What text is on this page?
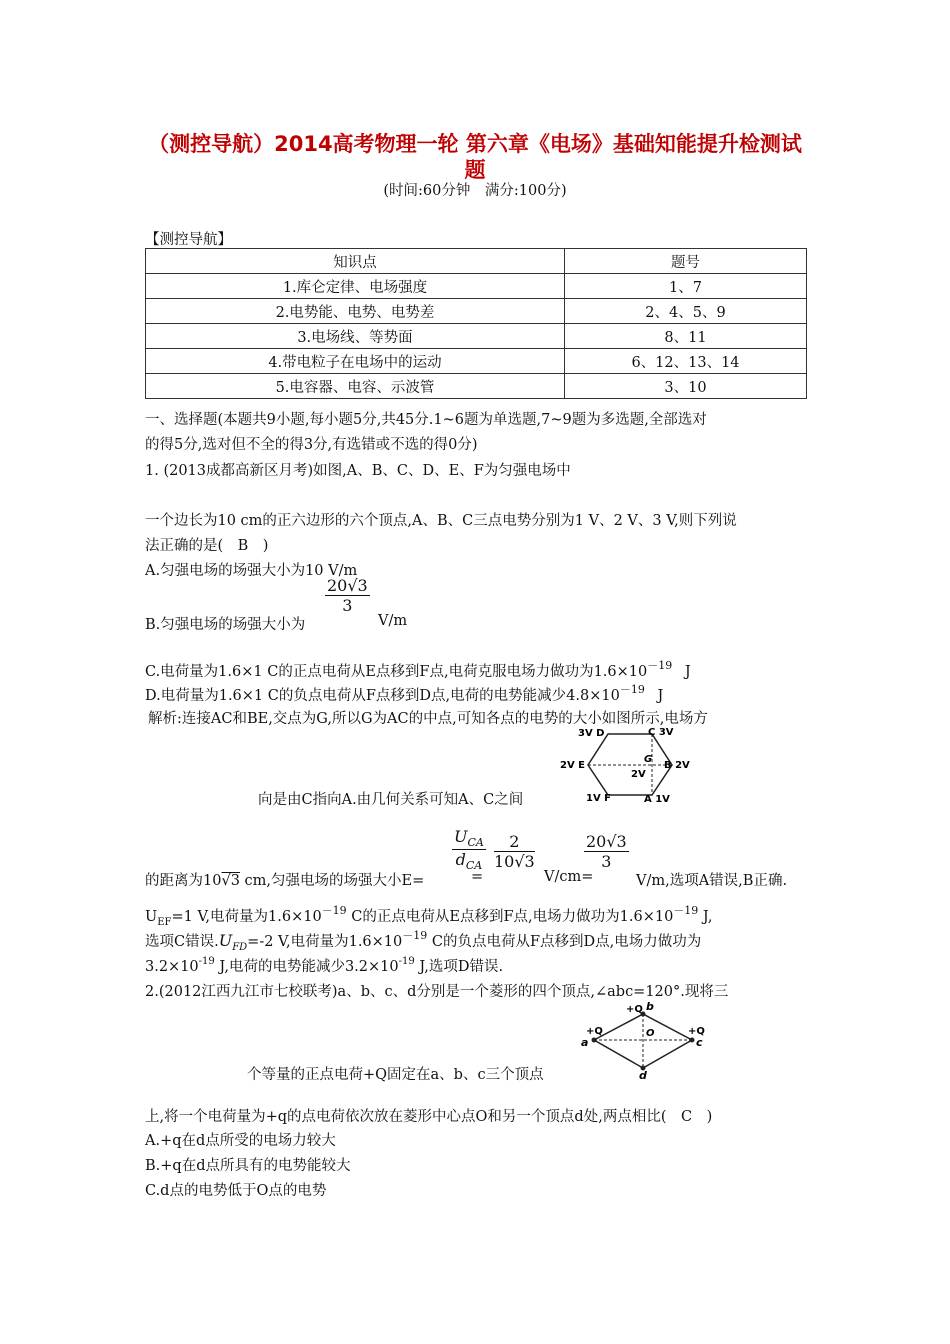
（测控导航）2014高考物理一轮 第六章《电场》基础知能提升检测试
题
(时间:60分钟　满分:100分)
【测控导航】
知识点	题号
1.库仑定律、电场强度	1、7
2.电势能、电势、电势差	2、4、5、9
3.电场线、等势面	8、11
4.带电粒子在电场中的运动	6、12、13、14
5.电容器、电容、示波管	3、10
一、选择题(本题共9小题,每小题5分,共45分.1~6题为单选题,7~9题为多选题,全部选对
的得5分,选对但不全的得3分,有选错或不选的得0分)
1. (2013成都高新区月考)如图,A、B、C、D、E、F为匀强电场中
一个边长为10 cm的正六边形的六个顶点,A、B、C三点电势分别为1 V、2 V、3 V,则下列说
法正确的是(　B　)
A.匀强电场的场强大小为10 V/m
B.匀强电场的场强大小为
$\frac{20√3}{3}$
V/m
C.电荷量为1.6×1 C的正点电荷从E点移到F点,电荷克服电场力做功为$1.6\times 10^{-19}$ J
D.电荷量为1.6×1 C的负点电荷从F点移到D点,电荷的电势能减少$4.8\times 10^{-19}$ J
解析:连接AC和BE,交点为G,所以G为AC的中点,可知各点的电势的大小如图所示,电场方
3V D	C 3V
2V E	B 2V
G
2V
1V F	A 1V
向是由C指向A.由几何关系可知A、C之间
的距离为10√3 cm,匀强电场的场强大小E=
$U_{CA}$
$d_{CA}$
=
$\frac{2}{10√3}$
V/cm=
$\frac{20√3}{3}$
V/m,选项A错误,B正确.
$U_{EF}=1$ V,电荷量为$1.6\times 10^{-19}$ C的正点电荷从E点移到F点,电场力做功为$1.6\times 10^{-19}$ J,
选项C错误$.U_{FD}=-2$ V,电荷量为$1.6\times 10^{-19}$ C的负点电荷从F点移到D点,电场力做功为
$3.2\times 10^{-19}$ J,电荷的电势能减少$3.2\times 10^{-19}$ J,选项D错误.
2.(2012江西九江市七校联考)a、b、c、d分别是一个菱形的四个顶点,∠abc=120°.现将三
+Q b
+Q	O	+Q
a	c
d
个等量的正点电荷+Q固定在a、b、c三个顶点
上,将一个电荷量为+q的点电荷依次放在菱形中心点O和另一个顶点d处,两点相比(　C　)
A.+q在d点所受的电场力较大
B.+q在d点所具有的电势能较大
C.d点的电势低于O点的电势
